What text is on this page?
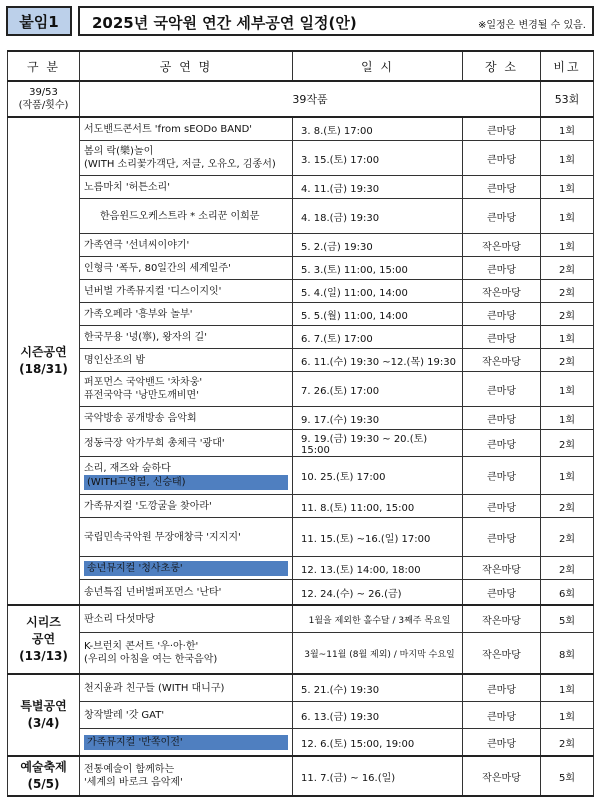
붙임1	2025년 국악원 연간 세부공연 일정(안)	※일정은 변경될 수 있음.
구 분	공 연 명	일 시	장 소	비고
39/53
(작품/횟수)	39작품			53회
시즌공연
(18/31)	서도밴드콘서트 'from sEODo BAND'	3. 8.(토) 17:00	큰마당	1회

	봄의 락(樂)놀이
(WITH 소리꽃가객단, 저클, 오유오, 김종서)	3. 15.(토) 17:00	큰마당	1회

	노름마치 '허튼소리'	4. 11.(금) 19:30	큰마당	1회

	한음윈드오케스트라 * 소리꾼 이희문	4. 18.(금) 19:30	큰마당	1회

	가족연극 '선녀씨이야기'	5. 2.(금) 19:30	작은마당	1회

	인형극 '폭두, 80일간의 세계일주'	5. 3.(토) 11:00, 15:00	큰마당	2회

	넌버벌 가족뮤지컬 '디스이지잇'	5. 4.(일) 11:00, 14:00	작은마당	2회

	가족오페라 '흥부와 놀부'	5. 5.(월) 11:00, 14:00	큰마당	2회

	한국무용 '녕(寧), 왕자의 길'	6. 7.(토) 17:00	큰마당	1회

	명인산조의 밤	6. 11.(수) 19:30 ~12.(목) 19:30	작은마당	2회

	퍼포먼스 국악밴드 '차차웅'
퓨전국악극 '낭만도깨비면'	7. 26.(토) 17:00	큰마당	1회

	국악방송 공개방송 음악회	9. 17.(수) 19:30	큰마당	1회

	정동극장 악가무희 총체극 '광대'	9. 19.(금) 19:30 ~ 20.(토) 15:00	큰마당	2회

	소리, 재즈와 숨하다
(WITH고영열, 신승태)	10. 25.(토) 17:00	큰마당	1회

	가족뮤지컬 '도깡굴을 찾아라'	11. 8.(토) 11:00, 15:00	큰마당	2회

	국립민속국악원 무장애창극 '지지지'	11. 15.(토) ~16.(일) 17:00	큰마당	2회

	송년뮤지컬 '청사초롱'	12. 13.(토) 14:00, 18:00	작은마당	2회

	송년특집 넌버벌퍼포먼스 '난타'	12. 24.(수) ~ 26.(금)	큰마당	6회
시리즈
공연
(13/13)	판소리 다섯마당	1월을 제외한 홀수달 / 3째주 목요일	작은마당	5회

	K-브런치 콘서트 '우·아·한'
(우리의 아침을 여는 한국음악)	3월~11월 (8월 제외) / 마지막 수요일	작은마당	8회
특별공연
(3/4)	천지윤과 친구들 (WITH 대니구)	5. 21.(수) 19:30	큰마당	1회

	창작발레 '갓 GAT'	6. 13.(금) 19:30	큰마당	1회

	가족뮤지컬 '반쪽이전'	12. 6.(토) 15:00, 19:00	큰마당	2회
예술축제
(5/5)	전통예술이 함께하는
'세계의 바로크 음악제'	11. 7.(금) ~ 16.(일)	작은마당	5회
